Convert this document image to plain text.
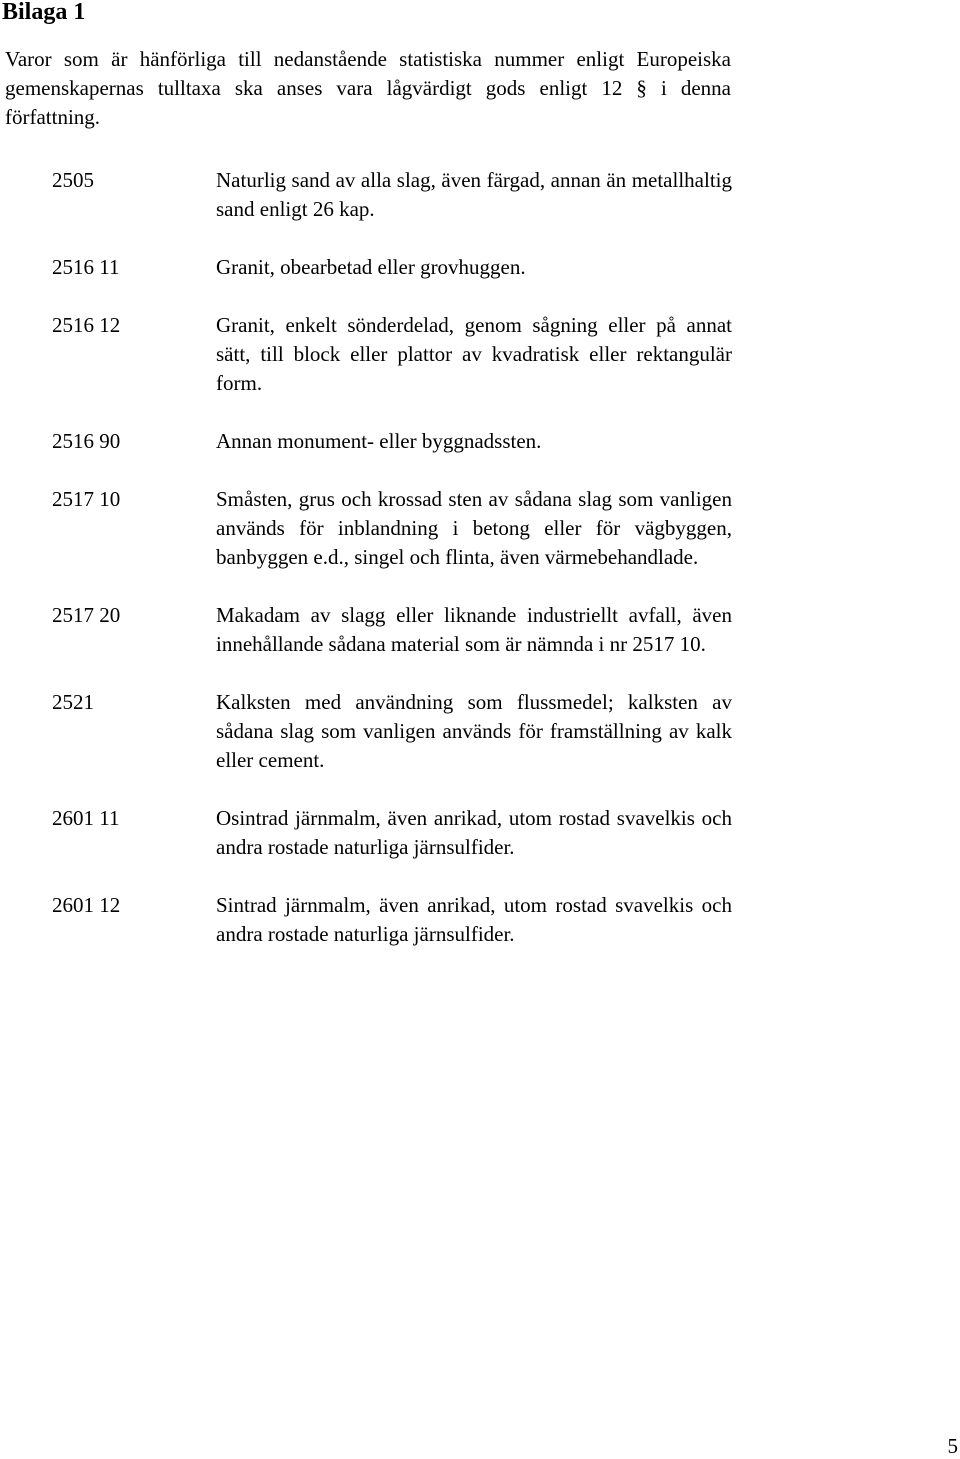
Bilaga 1

Varor som är hänförliga till nedanstående statistiska nummer enligt Europeiska gemenskapernas tulltaxa ska anses vara lågvärdigt gods enligt 12 § i denna författning.

2505	Naturlig sand av alla slag, även färgad, annan än metallhaltig sand enligt 26 kap.
2516 11	Granit, obearbetad eller grovhuggen.
2516 12	Granit, enkelt sönderdelad, genom sågning eller på annat sätt, till block eller plattor av kvadratisk eller rektangulär form.
2516 90	Annan monument- eller byggnadssten.
2517 10	Småsten, grus och krossad sten av sådana slag som vanligen används för inblandning i betong eller för vägbyggen, banbyggen e.d., singel och flinta, även värmebehandlade.
2517 20	Makadam av slagg eller liknande industriellt avfall, även innehållande sådana material som är nämnda i nr 2517 10.
2521	Kalksten med användning som flussmedel; kalksten av sådana slag som vanligen används för framställning av kalk eller cement.
2601 11	Osintrad järnmalm, även anrikad, utom rostad svavelkis och andra rostade naturliga järnsulfider.
2601 12	Sintrad järnmalm, även anrikad, utom rostad svavelkis och andra rostade naturliga järnsulfider.
5
